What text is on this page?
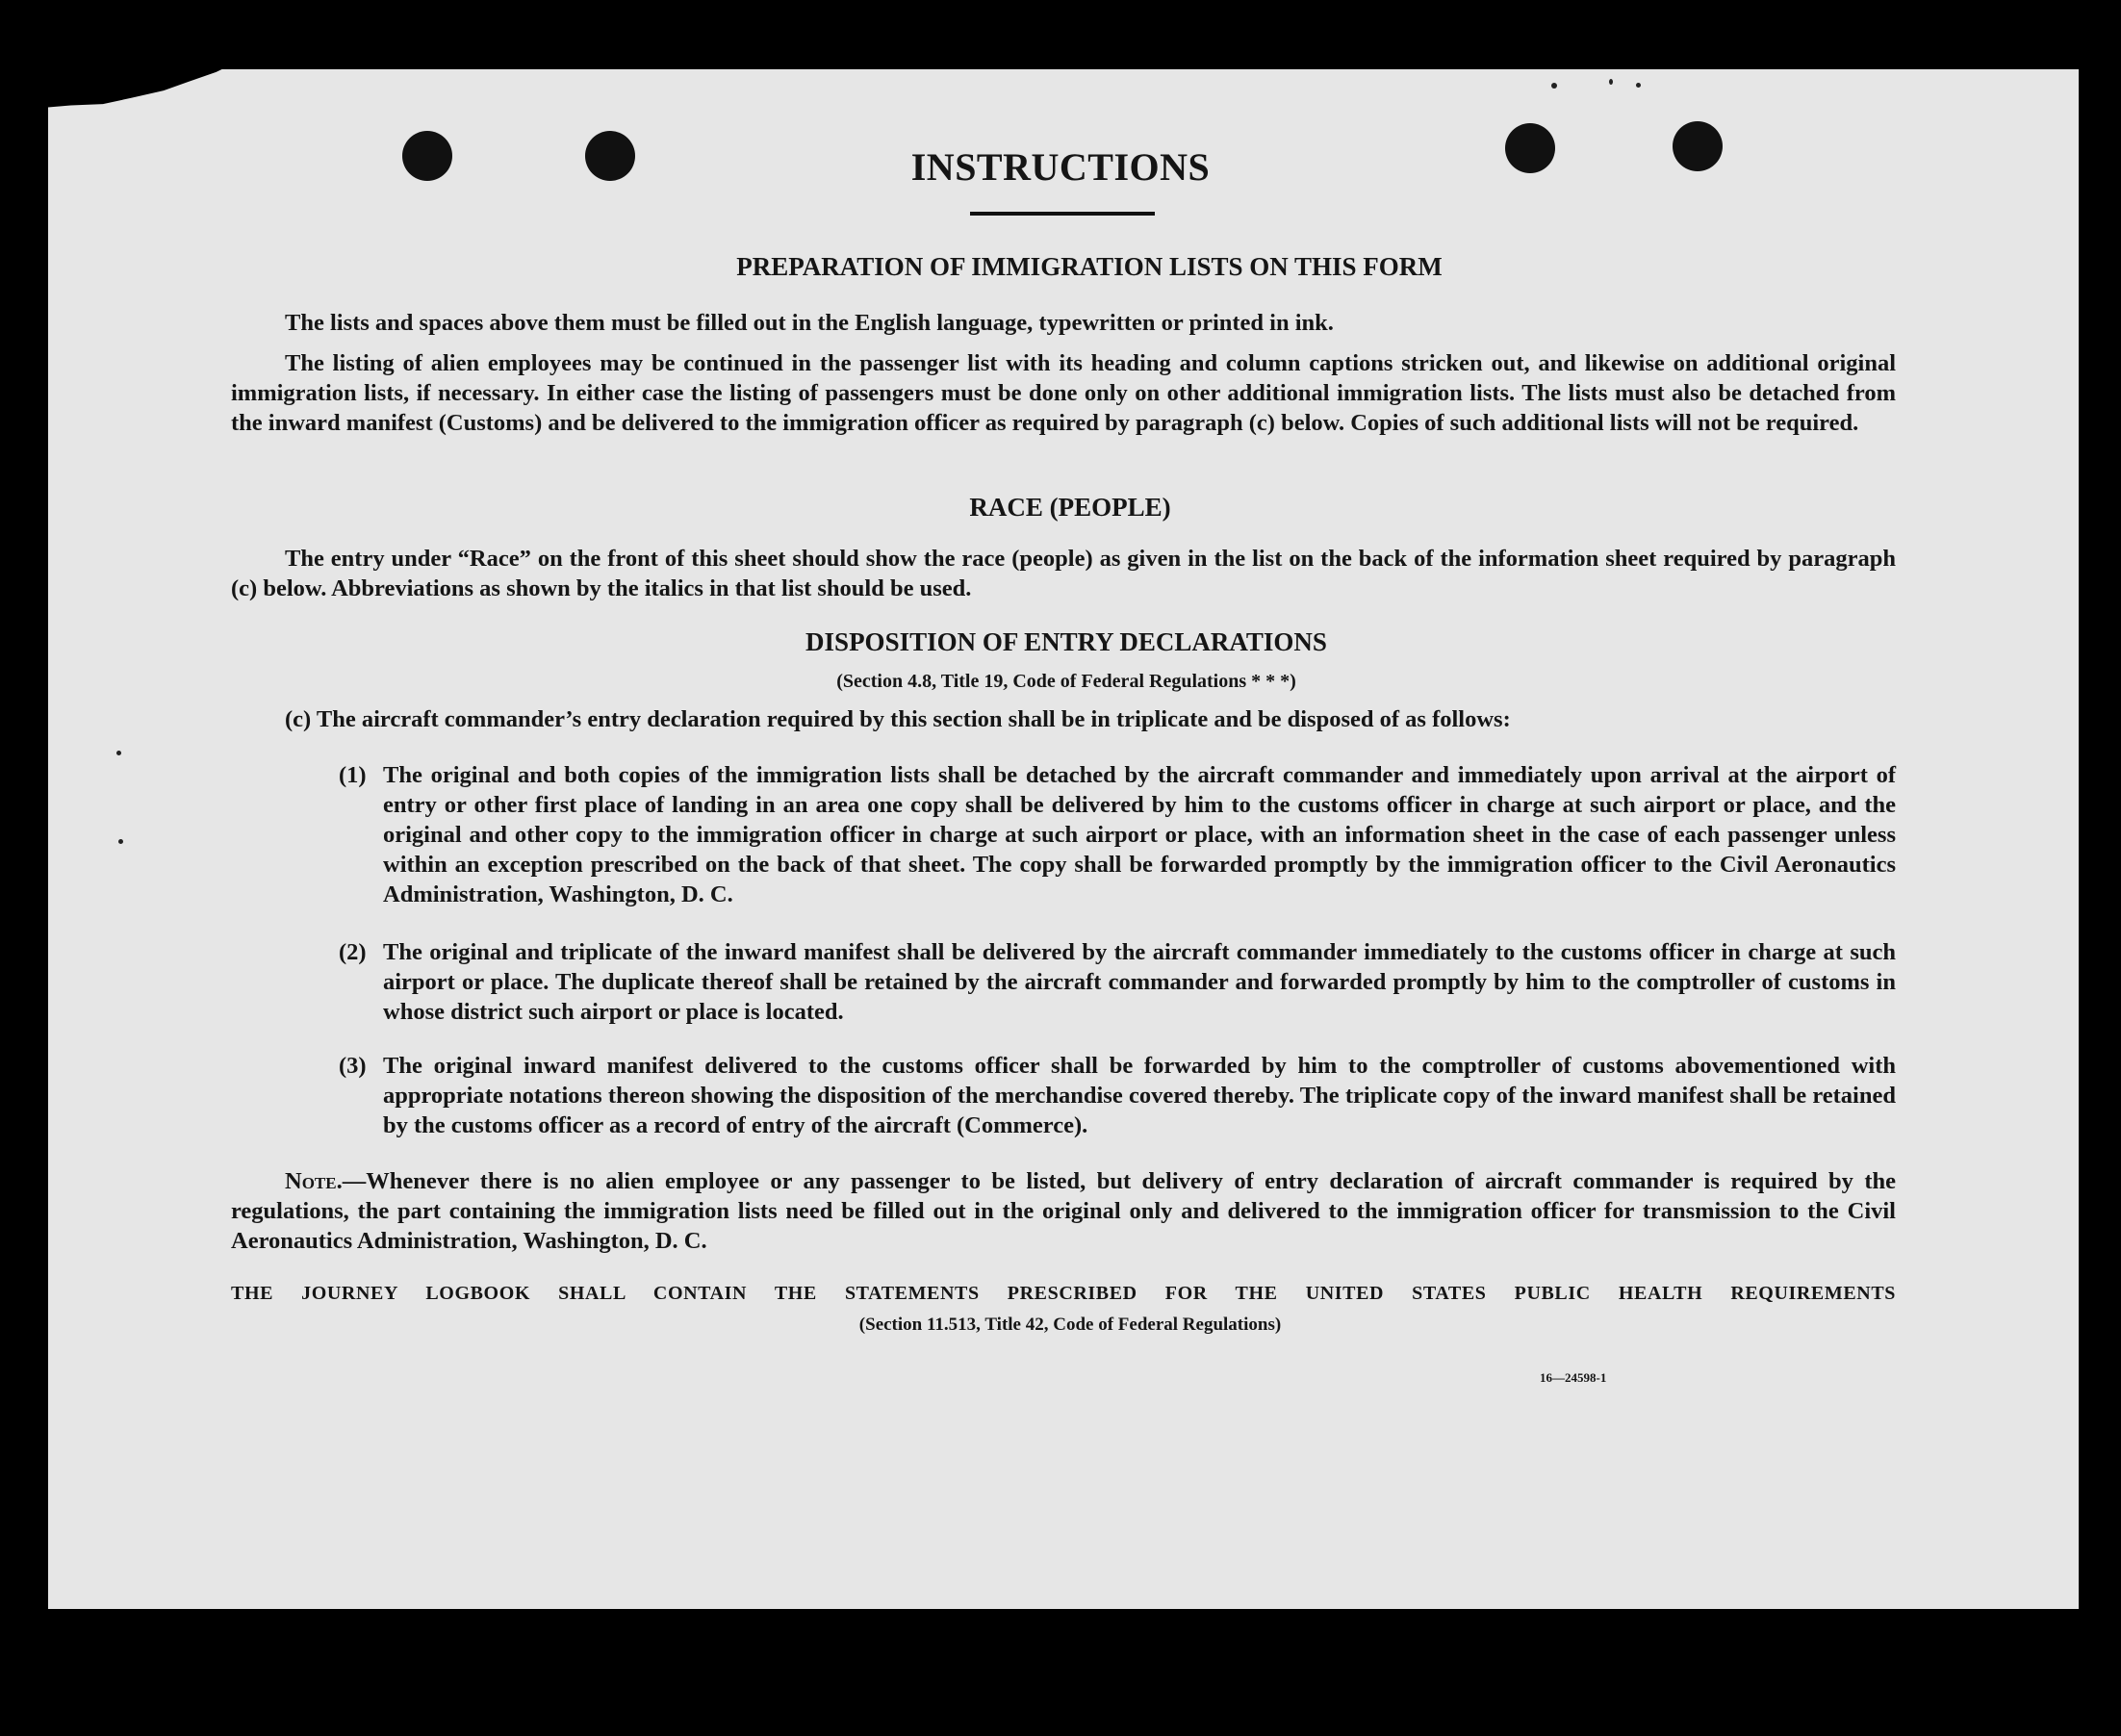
INSTRUCTIONS
PREPARATION OF IMMIGRATION LISTS ON THIS FORM
The lists and spaces above them must be filled out in the English language, typewritten or printed in ink.
The listing of alien employees may be continued in the passenger list with its heading and column captions stricken out, and likewise on additional original immigration lists, if necessary. In either case the listing of passengers must be done only on other additional immigration lists. The lists must also be detached from the inward manifest (Customs) and be delivered to the immigration officer as required by paragraph (c) below. Copies of such additional lists will not be required.
RACE (PEOPLE)
The entry under “Race” on the front of this sheet should show the race (people) as given in the list on the back of the information sheet required by paragraph (c) below. Abbreviations as shown by the italics in that list should be used.
DISPOSITION OF ENTRY DECLARATIONS
(Section 4.8, Title 19, Code of Federal Regulations * * *)
(c) The aircraft commander’s entry declaration required by this section shall be in triplicate and be disposed of as follows:
(1) The original and both copies of the immigration lists shall be detached by the aircraft commander and immediately upon arrival at the airport of entry or other first place of landing in an area one copy shall be delivered by him to the customs officer in charge at such airport or place, and the original and other copy to the immigration officer in charge at such airport or place, with an information sheet in the case of each passenger unless within an exception prescribed on the back of that sheet. The copy shall be forwarded promptly by the immigration officer to the Civil Aeronautics Administration, Washington, D. C.
(2) The original and triplicate of the inward manifest shall be delivered by the aircraft commander immediately to the customs officer in charge at such airport or place. The duplicate thereof shall be retained by the aircraft commander and forwarded promptly by him to the comptroller of customs in whose district such airport or place is located.
(3) The original inward manifest delivered to the customs officer shall be forwarded by him to the comptroller of customs abovementioned with appropriate notations thereon showing the disposition of the merchandise covered thereby. The triplicate copy of the inward manifest shall be retained by the customs officer as a record of entry of the aircraft (Commerce).
Note.—Whenever there is no alien employee or any passenger to be listed, but delivery of entry declaration of aircraft commander is required by the regulations, the part containing the immigration lists need be filled out in the original only and delivered to the immigration officer for transmission to the Civil Aeronautics Administration, Washington, D. C.
THE JOURNEY LOGBOOK SHALL CONTAIN THE STATEMENTS PRESCRIBED FOR THE UNITED STATES PUBLIC HEALTH REQUIREMENTS
(Section 11.513, Title 42, Code of Federal Regulations)
16—24598-1
